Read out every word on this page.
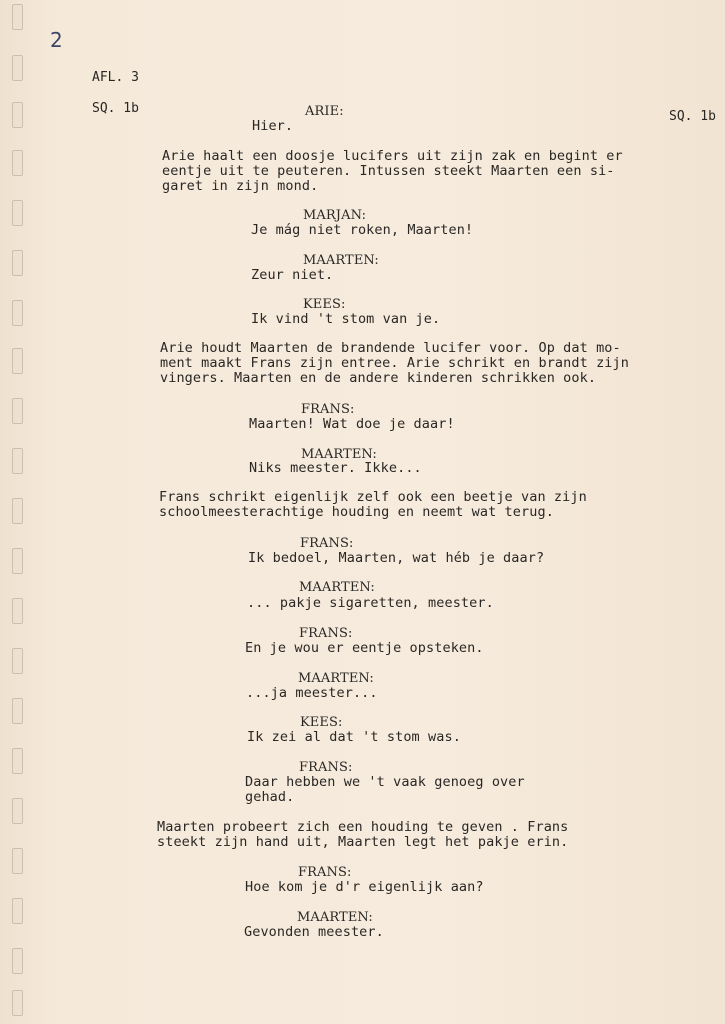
2
AFL. 3
SQ. 1b
SQ. 1b
ARIE:
Hier.
Arie haalt een doosje lucifers uit zijn zak en begint er
eentje uit te peuteren. Intussen steekt Maarten een si-
garet in zijn mond.
MARJAN:
Je mág niet roken, Maarten!
MAARTEN:
Zeur niet.
KEES:
Ik vind 't stom van je.
Arie houdt Maarten de brandende lucifer voor. Op dat mo-
ment maakt Frans zijn entree. Arie schrikt en brandt zijn
vingers. Maarten en de andere kinderen schrikken ook.
FRANS:
Maarten! Wat doe je daar!
MAARTEN:
Niks meester. Ikke...
Frans schrikt eigenlijk zelf ook een beetje van zijn
schoolmeesterachtige houding en neemt wat terug.
FRANS:
Ik bedoel, Maarten, wat héb je daar?
MAARTEN:
... pakje sigaretten, meester.
FRANS:
En je wou er eentje opsteken.
MAARTEN:
...ja meester...
KEES:
Ik zei al dat 't stom was.
FRANS:
Daar hebben we 't vaak genoeg over
gehad.
Maarten probeert zich een houding te geven . Frans
steekt zijn hand uit, Maarten legt het pakje erin.
FRANS:
Hoe kom je d'r eigenlijk aan?
MAARTEN:
Gevonden meester.
